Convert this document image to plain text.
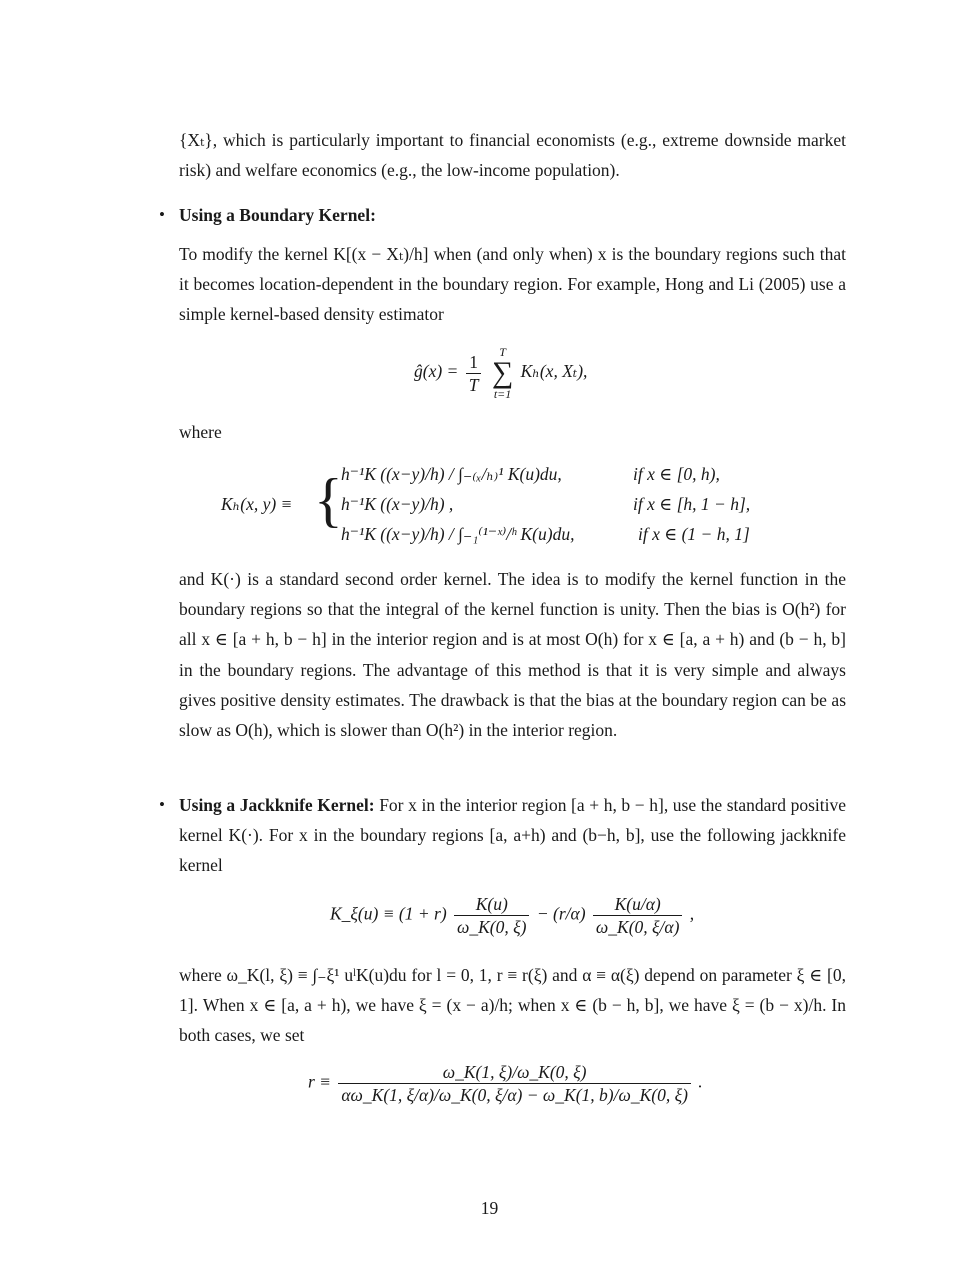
{Xₜ}, which is particularly important to financial economists (e.g., extreme downside market risk) and welfare economics (e.g., the low-income population).
• Using a Boundary Kernel:
To modify the kernel K[(x − Xₜ)/h] when (and only when) x is the boundary regions such that it becomes location-dependent in the boundary region. For example, Hong and Li (2005) use a simple kernel-based density estimator
ĝ(x) = $\frac{1}{T}$
	T
∑
t=1
Kₕ(x, Xₜ),
where
Kₕ(x, y) ≡ {
h⁻¹K ((x−y)/h) / ∫₋₍ₓ/ₕ₎¹ K(u)du,	if x ∈ [0, h),
h⁻¹K ((x−y)/h) ,	if x ∈ [h, 1 − h],
h⁻¹K ((x−y)/h) / ∫₋₁⁽¹⁻ˣ⁾/ʰ K(u)du,	if x ∈ (1 − h, 1]
and K(·) is a standard second order kernel. The idea is to modify the kernel function in the boundary regions so that the integral of the kernel function is unity. Then the bias is O(h²) for all x ∈ [a + h, b − h] in the interior region and is at most O(h) for x ∈ [a, a + h) and (b − h, b] in the boundary regions. The advantage of this method is that it is very simple and always gives positive density estimates. The drawback is that the bias at the boundary region can be as slow as O(h), which is slower than O(h²) in the interior region.
• Using a Jackknife Kernel: For x in the interior region [a + h, b − h], use the standard positive kernel K(·). For x in the boundary regions [a, a+h) and (b−h, b], use the following jackknife kernel
K_ξ(u) ≡ $(1 + r) \frac{K(u)}{\omega\_K(0, \xi)} - (r/\alpha) \frac{K(u/\alpha)}{\omega\_K(0, \xi/\alpha)}$ ,
where ω_K(l, ξ) ≡ ∫₋ξ¹ uˡK(u)du for l = 0, 1, r ≡ r(ξ) and α ≡ α(ξ) depend on parameter ξ ∈ [0, 1]. When x ∈ [a, a + h), we have ξ = (x − a)/h; when x ∈ (b − h, b], we have ξ = (b − x)/h. In both cases, we set
$r \equiv \frac{\omega\_K(1, \xi)/\omega\_K(0, \xi)}{\alpha\omega\_K(1, \xi/\alpha)/\omega\_K(0, \xi/\alpha) - \omega\_K(1, b)/\omega\_K(0, \xi)}$ .
19
